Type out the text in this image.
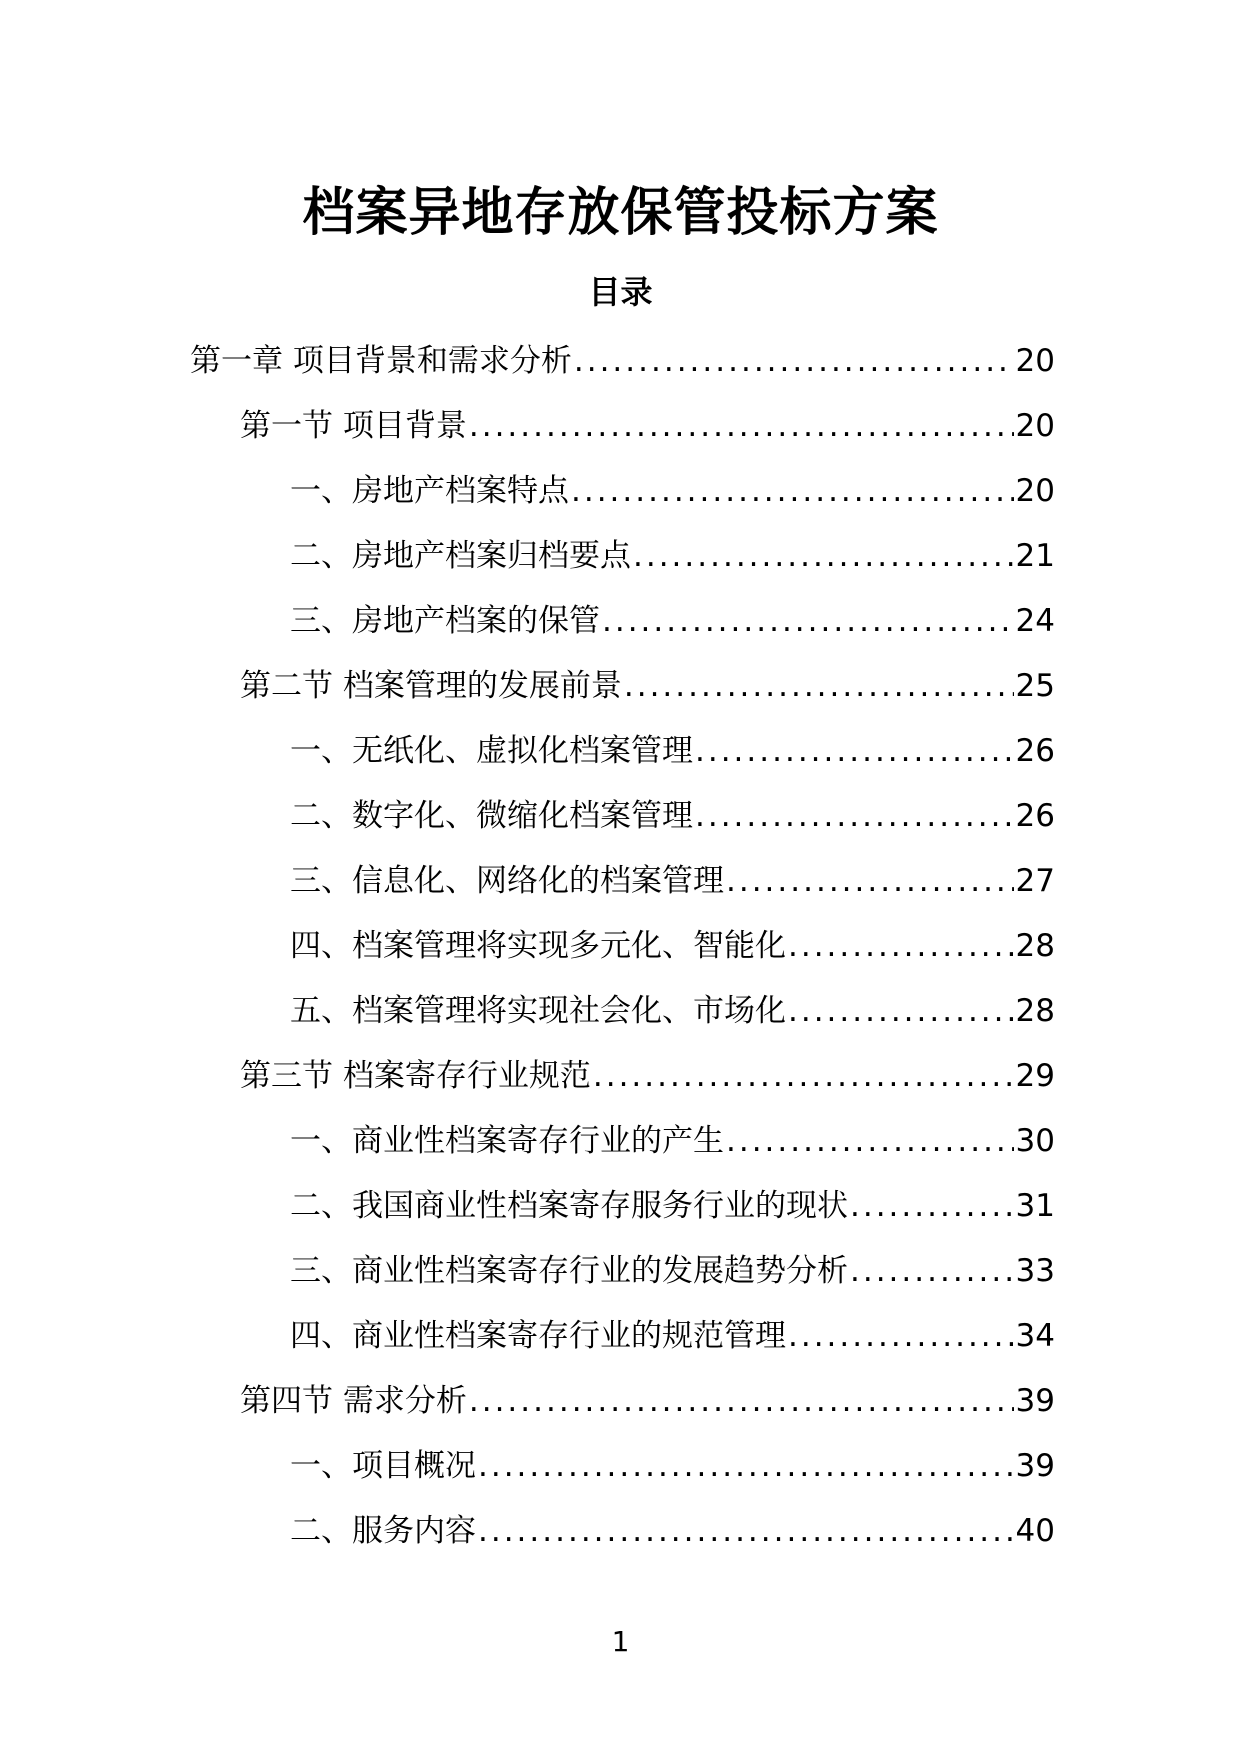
档案异地存放保管投标方案
目录
第一章 项目背景和需求分析 .....	20
第一节 项目背景 .....	20
一、房地产档案特点 .....	20
二、房地产档案归档要点 .....	21
三、房地产档案的保管 .....	24
第二节 档案管理的发展前景 .....	25
一、无纸化、虚拟化档案管理 .....	26
二、数字化、微缩化档案管理 .....	26
三、信息化、网络化的档案管理 .....	27
四、档案管理将实现多元化、智能化 .....	28
五、档案管理将实现社会化、市场化 .....	28
第三节 档案寄存行业规范 .....	29
一、商业性档案寄存行业的产生 .....	30
二、我国商业性档案寄存服务行业的现状 .....	31
三、商业性档案寄存行业的发展趋势分析 .....	33
四、商业性档案寄存行业的规范管理 .....	34
第四节 需求分析 .....	39
一、项目概况 .....	39
二、服务内容 .....	40
1
